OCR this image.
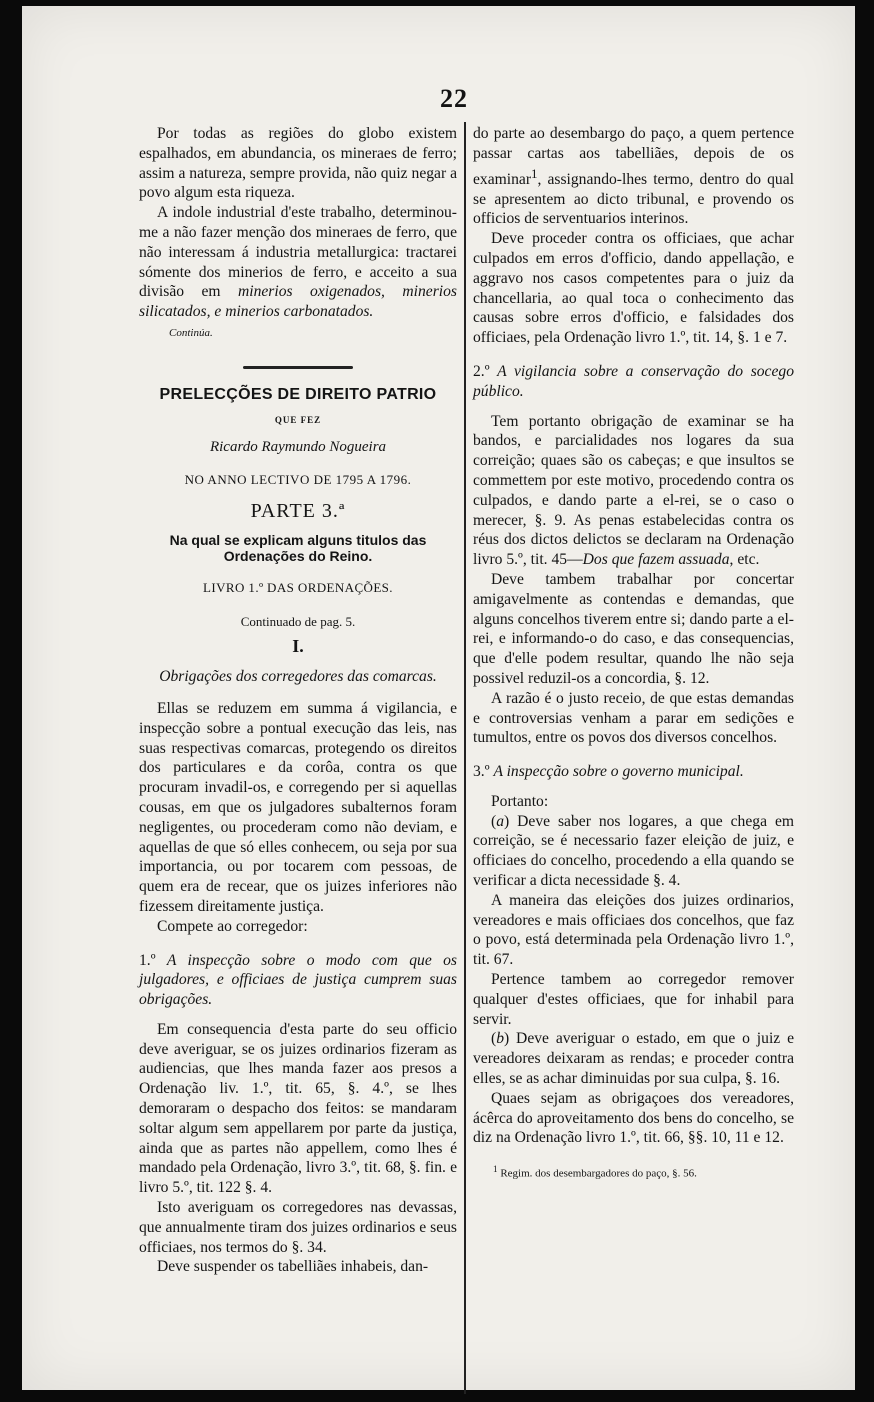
22

Por todas as regiões do globo existem espalhados, em abundancia, os mineraes de ferro; assim a natureza, sempre provida, não quiz negar a povo algum esta riqueza.

A indole industrial d'este trabalho, determinou-me a não fazer menção dos mineraes de ferro, que não interessam á industria metallurgica: tractarei sómente dos minerios de ferro, e acceito a sua divisão em minerios oxigenados, minerios silicatados, e minerios carbonatados.

Continúa.

PRELECÇÕES DE DIREITO PATRIO
QUE FEZ
Ricardo Raymundo Nogueira
NO ANNO LECTIVO DE 1795 A 1796.
PARTE 3.ª
Na qual se explicam alguns titulos das Ordenações do Reino.
LIVRO 1.º DAS ORDENAÇÕES.
Continuado de pag. 5.
I.
Obrigações dos corregedores das comarcas.

Ellas se reduzem em summa á vigilancia, e inspecção sobre a pontual execução das leis, nas suas respectivas comarcas, protegendo os direitos dos particulares e da corôa, contra os que procuram invadil-os, e corregendo per si aquellas cousas, em que os julgadores subalternos foram negligentes, ou procederam como não deviam, e aquellas de que só elles conhecem, ou seja por sua importancia, ou por tocarem com pessoas, de quem era de recear, que os juizes inferiores não fizessem direitamente justiça.

Compete ao corregedor:

1.º A inspecção sobre o modo com que os julgadores, e officiaes de justiça cumprem suas obrigações.

Em consequencia d'esta parte do seu officio deve averiguar, se os juizes ordinarios fizeram as audiencias, que lhes manda fazer aos presos a Ordenação liv. 1.º, tit. 65, §. 4.º, se lhes demoraram o despacho dos feitos: se mandaram soltar algum sem appellarem por parte da justiça, ainda que as partes não appellem, como lhes é mandado pela Ordenação, livro 3.º, tit. 68, §. fin. e livro 5.º, tit. 122 §. 4.

Isto averiguam os corregedores nas devassas, que annualmente tiram dos juizes ordinarios e seus officiaes, nos termos do §. 34.

Deve suspender os tabelliães inhabeis, dan-

do parte ao desembargo do paço, a quem pertence passar cartas aos tabelliães, depois de os examinar$^1$, assignando-lhes termo, dentro do qual se apresentem ao dicto tribunal, e provendo os officios de serventuarios interinos.

Deve proceder contra os officiaes, que achar culpados em erros d'officio, dando appellação, e aggravo nos casos competentes para o juiz da chancellaria, ao qual toca o conhecimento das causas sobre erros d'officio, e falsidades dos officiaes, pela Ordenação livro 1.º, tit. 14, §. 1 e 7.

2.º A vigilancia sobre a conservação do socego público.

Tem portanto obrigação de examinar se ha bandos, e parcialidades nos logares da sua correição; quaes são os cabeças; e que insultos se commettem por este motivo, procedendo contra os culpados, e dando parte a el-rei, se o caso o merecer, §. 9. As penas estabelecidas contra os réus dos dictos delictos se declaram na Ordenação livro 5.º, tit. 45—Dos que fazem assuada, etc.

Deve tambem trabalhar por concertar amigavelmente as contendas e demandas, que alguns concelhos tiverem entre si; dando parte a el-rei, e informando-o do caso, e das consequencias, que d'elle podem resultar, quando lhe não seja possivel reduzil-os a concordia, §. 12.

A razão é o justo receio, de que estas demandas e controversias venham a parar em sedições e tumultos, entre os povos dos diversos concelhos.

3.º A inspecção sobre o governo municipal.

Portanto:

(a) Deve saber nos logares, a que chega em correição, se é necessario fazer eleição de juiz, e officiaes do concelho, procedendo a ella quando se verificar a dicta necessidade §. 4.

A maneira das eleições dos juizes ordinarios, vereadores e mais officiaes dos concelhos, que faz o povo, está determinada pela Ordenação livro 1.º, tit. 67.

Pertence tambem ao corregedor remover qualquer d'estes officiaes, que for inhabil para servir.

(b) Deve averiguar o estado, em que o juiz e vereadores deixaram as rendas; e proceder contra elles, se as achar diminuidas por sua culpa, §. 16.

Quaes sejam as obrigaçoes dos vereadores, ácêrca do aproveitamento dos bens do concelho, se diz na Ordenação livro 1.º, tit. 66, §§. 10, 11 e 12.

$^1$ Regim. dos desembargadores do paço, §. 56.
